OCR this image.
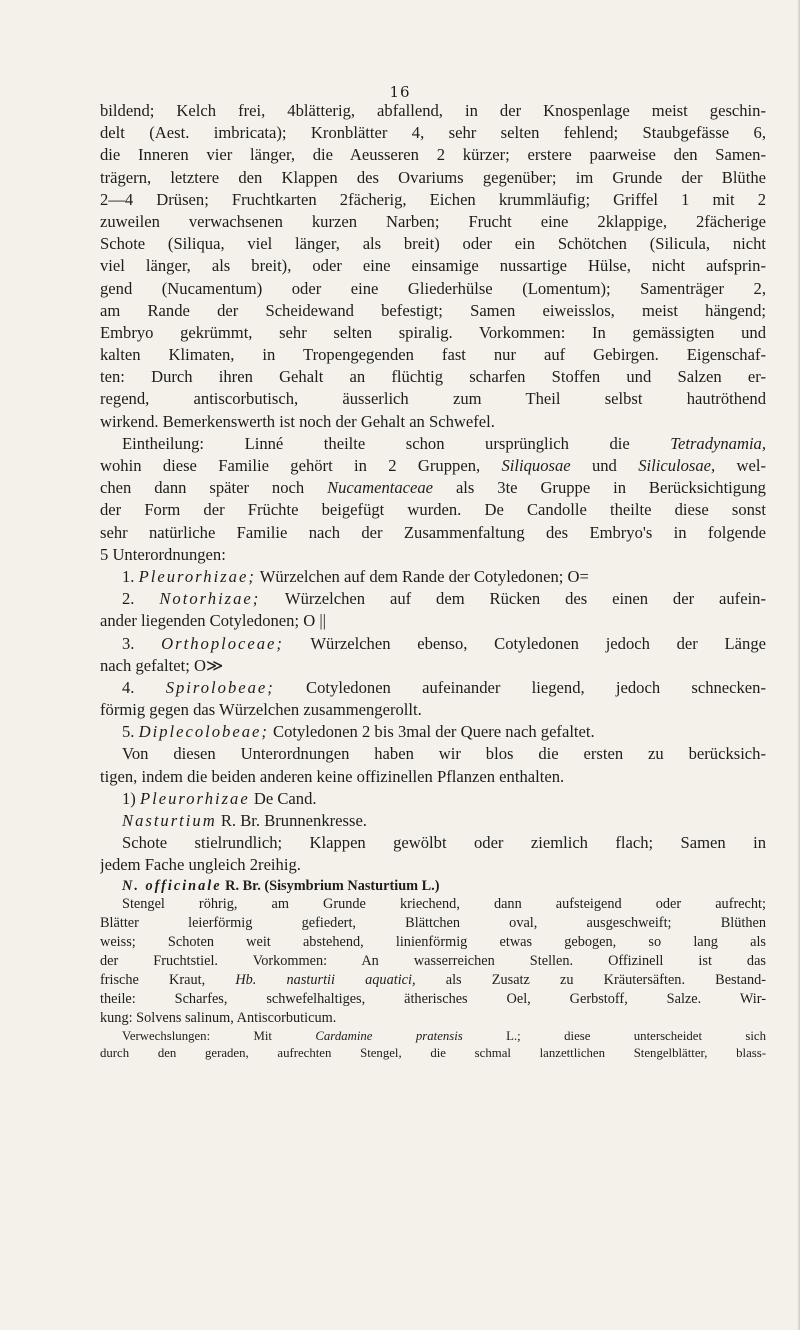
16
bildend; Kelch frei, 4blätterig, abfallend, in der Knospenlage meist geschin-
delt (Aest. imbricata); Kronblätter 4, sehr selten fehlend; Staubgefässe 6,
die Inneren vier länger, die Aeusseren 2 kürzer; erstere paarweise den Samen-
trägern, letztere den Klappen des Ovariums gegenüber; im Grunde der Blüthe
2—4 Drüsen; Fruchtkarten 2fächerig, Eichen krummläufig; Griffel 1 mit 2
zuweilen verwachsenen kurzen Narben; Frucht eine 2klappige, 2fächerige
Schote (Siliqua, viel länger, als breit) oder ein Schötchen (Silicula, nicht
viel länger, als breit), oder eine einsamige nussartige Hülse, nicht aufsprin-
gend (Nucamentum) oder eine Gliederhülse (Lomentum); Samenträger 2,
am Rande der Scheidewand befestigt; Samen eiweisslos, meist hängend;
Embryo gekrümmt, sehr selten spiralig. Vorkommen: In gemässigten und
kalten Klimaten, in Tropengegenden fast nur auf Gebirgen. Eigenschaf-
ten: Durch ihren Gehalt an flüchtig scharfen Stoffen und Salzen er-
regend, antiscorbutisch, äusserlich zum Theil selbst hautröthend
wirkend. Bemerkenswerth ist noch der Gehalt an Schwefel.
Eintheilung: Linné theilte schon ursprünglich die Tetradynamia,
wohin diese Familie gehört in 2 Gruppen, Siliquosae und Siliculosae, wel-
chen dann später noch Nucamentaceae als 3te Gruppe in Berücksichtigung
der Form der Früchte beigefügt wurden. De Candolle theilte diese sonst
sehr natürliche Familie nach der Zusammenfaltung des Embryo's in folgende
5 Unterordnungen:
1. Pleurorhizae; Würzelchen auf dem Rande der Cotyledonen; O=
2. Notorhizae; Würzelchen auf dem Rücken des einen der aufein-
ander liegenden Cotyledonen; O ||
3. Orthoploceae; Würzelchen ebenso, Cotyledonen jedoch der Länge
nach gefaltet; O≫
4. Spirolobeae; Cotyledonen aufeinander liegend, jedoch schnecken-
förmig gegen das Würzelchen zusammengerollt.
5. Diplecolobeae; Cotyledonen 2 bis 3mal der Quere nach gefaltet.
Von diesen Unterordnungen haben wir blos die ersten zu berücksich-
tigen, indem die beiden anderen keine offizinellen Pflanzen enthalten.
1) Pleurorhizae De Cand.
Nasturtium R. Br. Brunnenkresse.
Schote stielrundlich; Klappen gewölbt oder ziemlich flach; Samen in
jedem Fache ungleich 2reihig.
N. officinale R. Br. (Sisymbrium Nasturtium L.)
Stengel röhrig, am Grunde kriechend, dann aufsteigend oder aufrecht;
Blätter leierförmig gefiedert, Blättchen oval, ausgeschweift; Blüthen
weiss; Schoten weit abstehend, linienförmig etwas gebogen, so lang als
der Fruchtstiel. Vorkommen: An wasserreichen Stellen. Offizinell ist das
frische Kraut, Hb. nasturtii aquatici, als Zusatz zu Kräutersäften. Bestand-
theile: Scharfes, schwefelhaltiges, ätherisches Oel, Gerbstoff, Salze. Wir-
kung: Solvens salinum, Antiscorbuticum.
Verwechslungen: Mit Cardamine pratensis L.; diese unterscheidet sich
durch den geraden, aufrechten Stengel, die schmal lanzettlichen Stengelblätter, blass-
